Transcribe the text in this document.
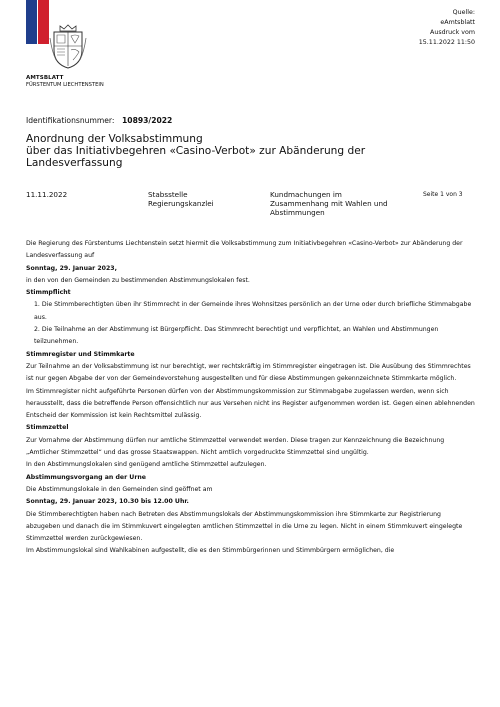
AMTSBLATT
FÜRSTENTUM LIECHTENSTEIN
Quelle:
eAmtsblatt
Ausdruck vom
15.11.2022 11:50
Identifikationsnummer: 10893/2022
Anordnung der Volksabstimmung
über das Initiativbegehren «Casino-Verbot» zur Abänderung der
Landesverfassung
11.11.2022	Stabsstelle Regierungskanzlei
Kundmachungen im Zusammenhang mit Wahlen und Abstimmungen
Seite 1 von 3

Die Regierung des Fürstentums Liechtenstein setzt hiermit die Volksabstimmung zum Initiativbegehren «Casino-Verbot» zur Abänderung der Landesverfassung auf

Sonntag, 29. Januar 2023,

in den von den Gemeinden zu bestimmenden Abstimmungslokalen fest.

Stimmpflicht

1. Die Stimmberechtigten üben ihr Stimmrecht in der Gemeinde ihres Wohnsitzes persönlich an der Urne oder durch briefliche Stimmabgabe aus.

2. Die Teilnahme an der Abstimmung ist Bürgerpflicht. Das Stimmrecht berechtigt und verpflichtet, an Wahlen und Abstimmungen teilzunehmen.

Stimmregister und Stimmkarte

Zur Teilnahme an der Volksabstimmung ist nur berechtigt, wer rechtskräftig im Stimmregister eingetragen ist. Die Ausübung des Stimmrechtes ist nur gegen Abgabe der von der Gemeindevorstehung ausgestellten und für diese Abstimmungen gekennzeichnete Stimmkarte möglich.

Im Stimmregister nicht aufgeführte Personen dürfen von der Abstimmungskommission zur Stimmabgabe zugelassen werden, wenn sich herausstellt, dass die betreffende Person offensichtlich nur aus Versehen nicht ins Register aufgenommen worden ist. Gegen einen ablehnenden Entscheid der Kommission ist kein Rechtsmittel zulässig.

Stimmzettel

Zur Vornahme der Abstimmung dürfen nur amtliche Stimmzettel verwendet werden. Diese tragen zur Kennzeichnung die Bezeichnung „Amtlicher Stimmzettel“ und das grosse Staatswappen. Nicht amtlich vorgedruckte Stimmzettel sind ungültig.

In den Abstimmungslokalen sind genügend amtliche Stimmzettel aufzulegen.

Abstimmungsvorgang an der Urne

Die Abstimmungslokale in den Gemeinden sind geöffnet am

Sonntag, 29. Januar 2023, 10.30 bis 12.00 Uhr.

Die Stimmberechtigten haben nach Betreten des Abstimmungslokals der Abstimmungskommission ihre Stimmkarte zur Registrierung abzugeben und danach die im Stimmkuvert eingelegten amtlichen Stimmzettel in die Urne zu legen. Nicht in einem Stimmkuvert eingelegte Stimmzettel werden zurückgewiesen.

Im Abstimmungslokal sind Wahlkabinen aufgestellt, die es den Stimmbürgerinnen und Stimmbürgern ermöglichen, die
